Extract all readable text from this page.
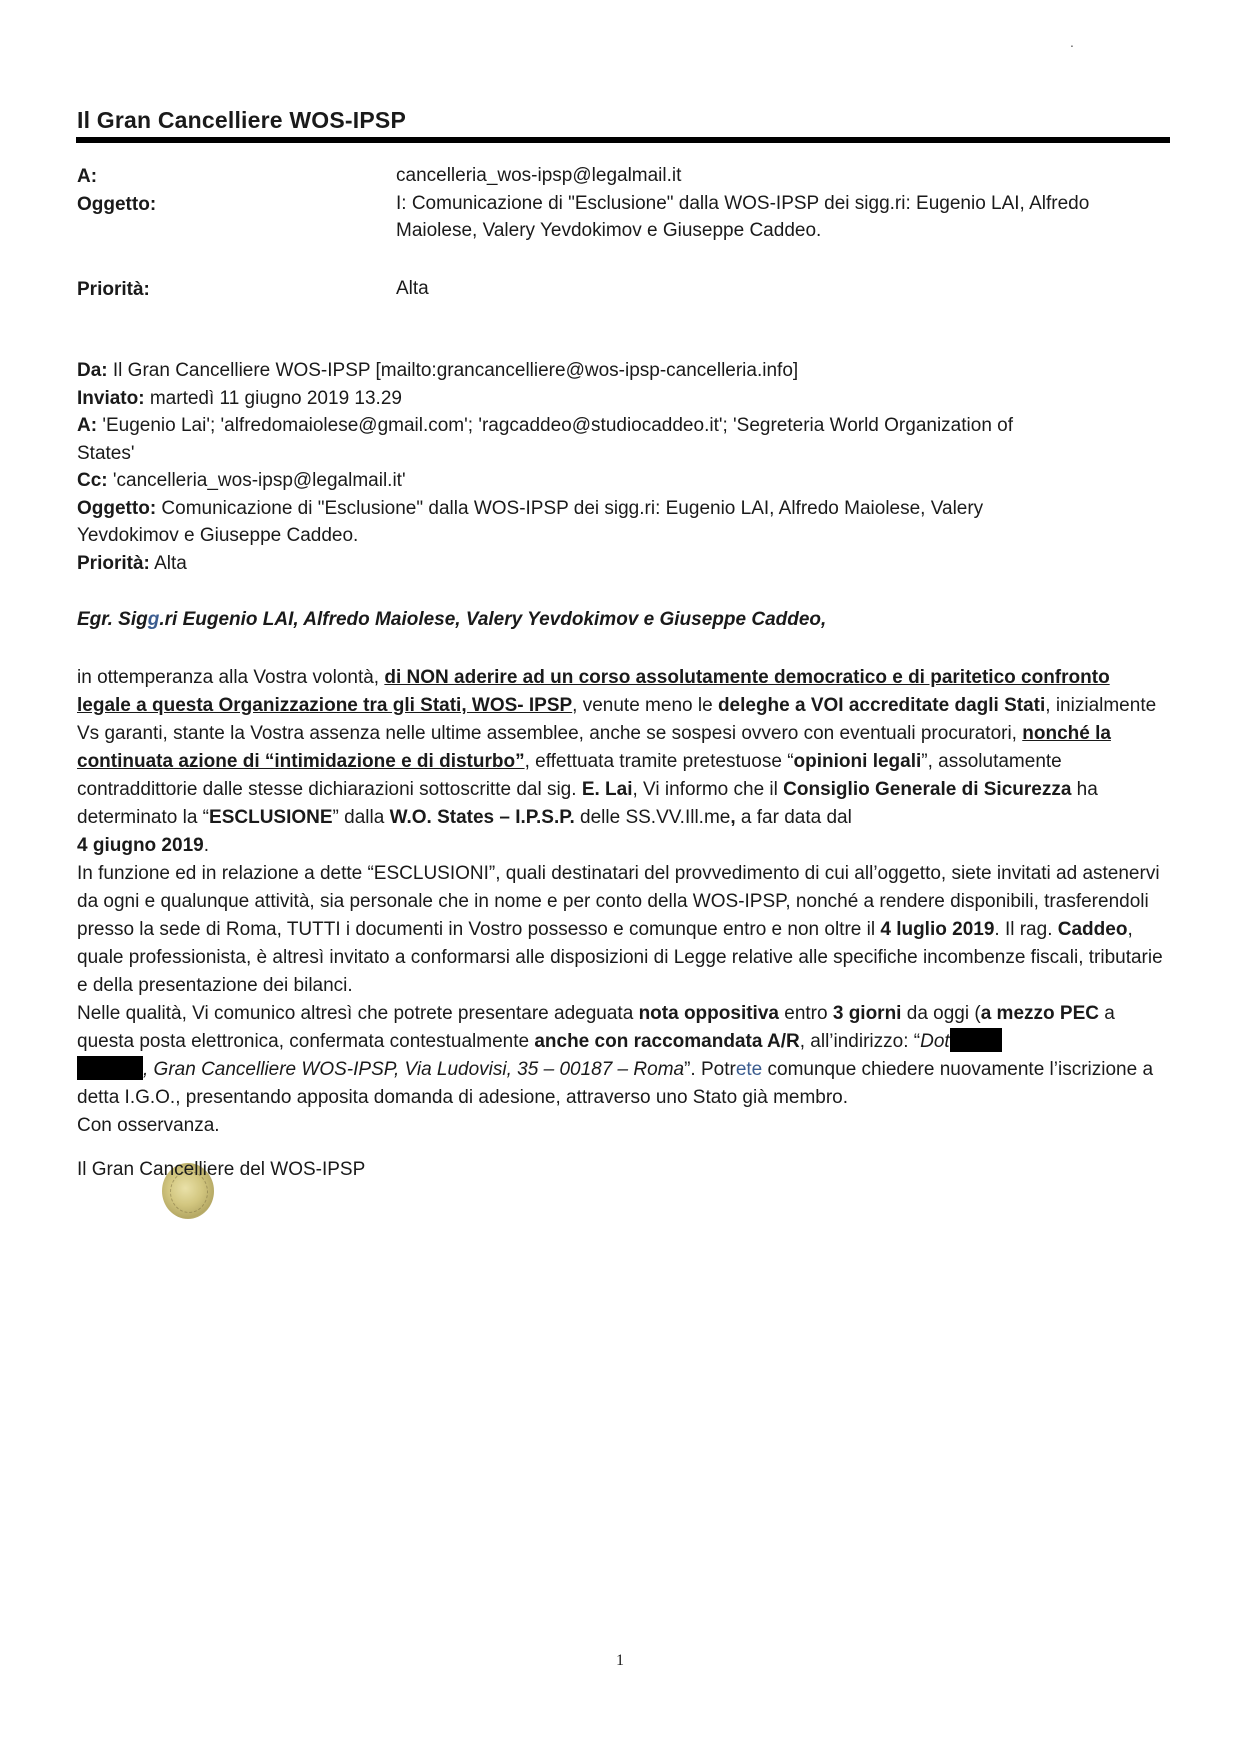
.
Il Gran Cancelliere WOS-IPSP
A:	cancelleria_wos-ipsp@legalmail.it
Oggetto:	I: Comunicazione di "Esclusione" dalla WOS-IPSP dei sigg.ri: Eugenio LAI, Alfredo
Maiolese, Valery Yevdokimov e Giuseppe Caddeo.
Priorità:	Alta
Da: Il Gran Cancelliere WOS-IPSP [mailto:grancancelliere@wos-ipsp-cancelleria.info]
Inviato: martedì 11 giugno 2019 13.29
A: 'Eugenio Lai'; 'alfredomaiolese@gmail.com'; 'ragcaddeo@studiocaddeo.it'; 'Segreteria World Organization of
States'
Cc: 'cancelleria_wos-ipsp@legalmail.it'
Oggetto: Comunicazione di "Esclusione" dalla WOS-IPSP dei sigg.ri: Eugenio LAI, Alfredo Maiolese, Valery
Yevdokimov e Giuseppe Caddeo.
Priorità: Alta
Egr. Sigg.ri Eugenio LAI, Alfredo Maiolese, Valery Yevdokimov e Giuseppe Caddeo,
in ottemperanza alla Vostra volontà, di NON aderire ad un corso assolutamente democratico e di paritetico confronto legale a questa Organizzazione tra gli Stati, WOS- IPSP, venute meno le deleghe a VOI accreditate dagli Stati, inizialmente Vs garanti, stante la Vostra assenza nelle ultime assemblee, anche se sospesi ovvero con eventuali procuratori, nonché la continuata azione di “intimidazione e di disturbo”, effettuata tramite pretestuose “opinioni legali”, assolutamente contraddittorie dalle stesse dichiarazioni sottoscritte dal sig. E. Lai, Vi informo che il Consiglio Generale di Sicurezza ha determinato la “ESCLUSIONE” dalla W.O. States – I.P.S.P. delle SS.VV.Ill.me, a far data dal
4 giugno 2019.
In funzione ed in relazione a dette “ESCLUSIONI”, quali destinatari del provvedimento di cui all’oggetto, siete invitati ad astenervi da ogni e qualunque attività, sia personale che in nome e per conto della WOS-IPSP, nonché a rendere disponibili, trasferendoli presso la sede di Roma, TUTTI i documenti in Vostro possesso e comunque entro e non oltre il 4 luglio 2019. Il rag. Caddeo, quale professionista, è altresì invitato a conformarsi alle disposizioni di Legge relative alle specifiche incombenze fiscali, tributarie e della presentazione dei bilanci.
Nelle qualità, Vi comunico altresì che potrete presentare adeguata nota oppositiva entro 3 giorni da oggi (a mezzo PEC a questa posta elettronica, confermata contestualmente anche con raccomandata A/R, all’indirizzo: “Dot
, Gran Cancelliere WOS-IPSP, Via Ludovisi, 35 – 00187 – Roma”. Potrete comunque chiedere nuovamente l’iscrizione a detta I.G.O., presentando apposita domanda di adesione, attraverso uno Stato già membro.
Con osservanza.
Il Gran Cancelliere del WOS-IPSP
1
